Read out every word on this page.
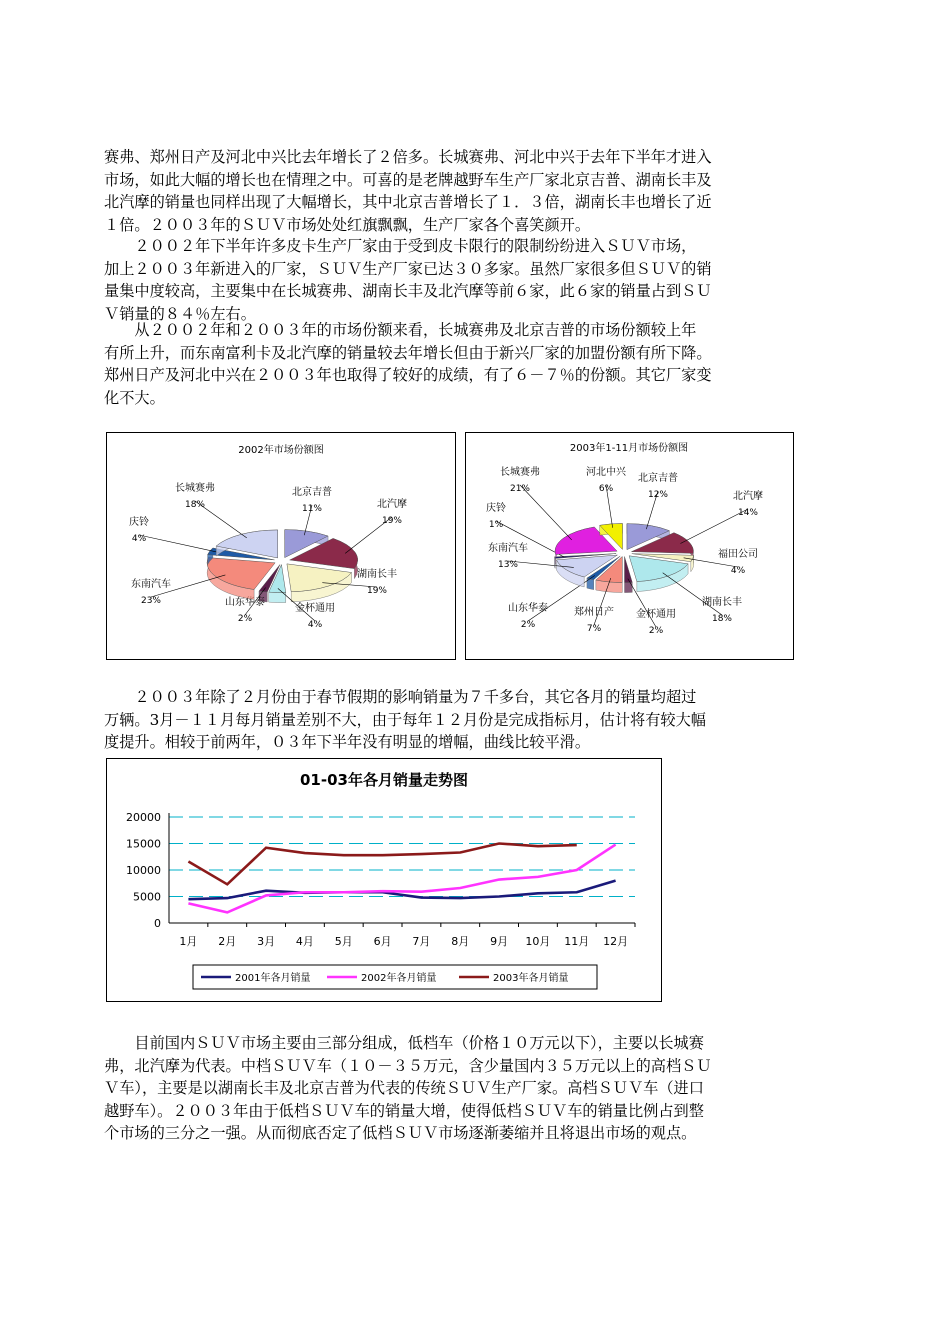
赛弗、郑州日产及河北中兴比去年增长了２倍多。长城赛弗、河北中兴于去年下半年才进入
市场，如此大幅的增长也在情理之中。可喜的是老牌越野车生产厂家北京吉普、湖南长丰及
北汽摩的销量也同样出现了大幅增长，其中北京吉普增长了１．３倍，湖南长丰也增长了近
１倍。２００３年的ＳＵＶ市场处处红旗飘飘，生产厂家各个喜笑颜开。
　　２００２年下半年许多皮卡生产厂家由于受到皮卡限行的限制纷纷进入ＳＵＶ市场，
加上２００３年新进入的厂家，ＳＵＶ生产厂家已达３０多家。虽然厂家很多但ＳＵＶ的销
量集中度较高，主要集中在长城赛弗、湖南长丰及北汽摩等前６家，此６家的销量占到ＳＵ
Ｖ销量的８４％左右。
　　从２００２年和２００３年的市场份额来看，长城赛弗及北京吉普的市场份额较上年
有所上升，而东南富利卡及北汽摩的销量较去年增长但由于新兴厂家的加盟份额有所下降。
郑州日产及河北中兴在２００３年也取得了较好的成绩，有了６－７％的份额。其它厂家变
化不大。
2002年市场份额图
北京吉普
11%	北汽摩
19%
湖南长丰
19%
金杯通用
4%
山东华泰
2%
东南汽车
23%
庆铃
4%
长城赛弗
18%
2003年1-11月市场份额图
北京吉普
12%	北汽摩
14%
福田公司
4%
湖南长丰
18%
金杯通用
2%
郑州日产
7%
山东华泰
2%
东南汽车
13%
庆铃
1%
长城赛弗
21%
河北中兴
6%
　　２００３年除了２月份由于春节假期的影响销量为７千多台，其它各月的销量均超过
万辆。3月－１１月每月销量差别不大，由于每年１２月份是完成指标月，估计将有较大幅
度提升。相较于前两年，０３年下半年没有明显的增幅，曲线比较平滑。
01-03年各月销量走势图
0
5000
10000
15000
20000
1月 2月 3月 4月 5月 6月 7月 8月 9月 10月 11月 12月
2001年各月销量	2002年各月销量	2003年各月销量
　　目前国内ＳＵＶ市场主要由三部分组成，低档车（价格１０万元以下），主要以长城赛
弗，北汽摩为代表。中档ＳＵＶ车（１０－３５万元，含少量国内３５万元以上的高档ＳＵ
Ｖ车），主要是以湖南长丰及北京吉普为代表的传统ＳＵＶ生产厂家。高档ＳＵＶ车（进口
越野车）。２００３年由于低档ＳＵＶ车的销量大增，使得低档ＳＵＶ车的销量比例占到整
个市场的三分之一强。从而彻底否定了低档ＳＵＶ市场逐渐萎缩并且将退出市场的观点。
